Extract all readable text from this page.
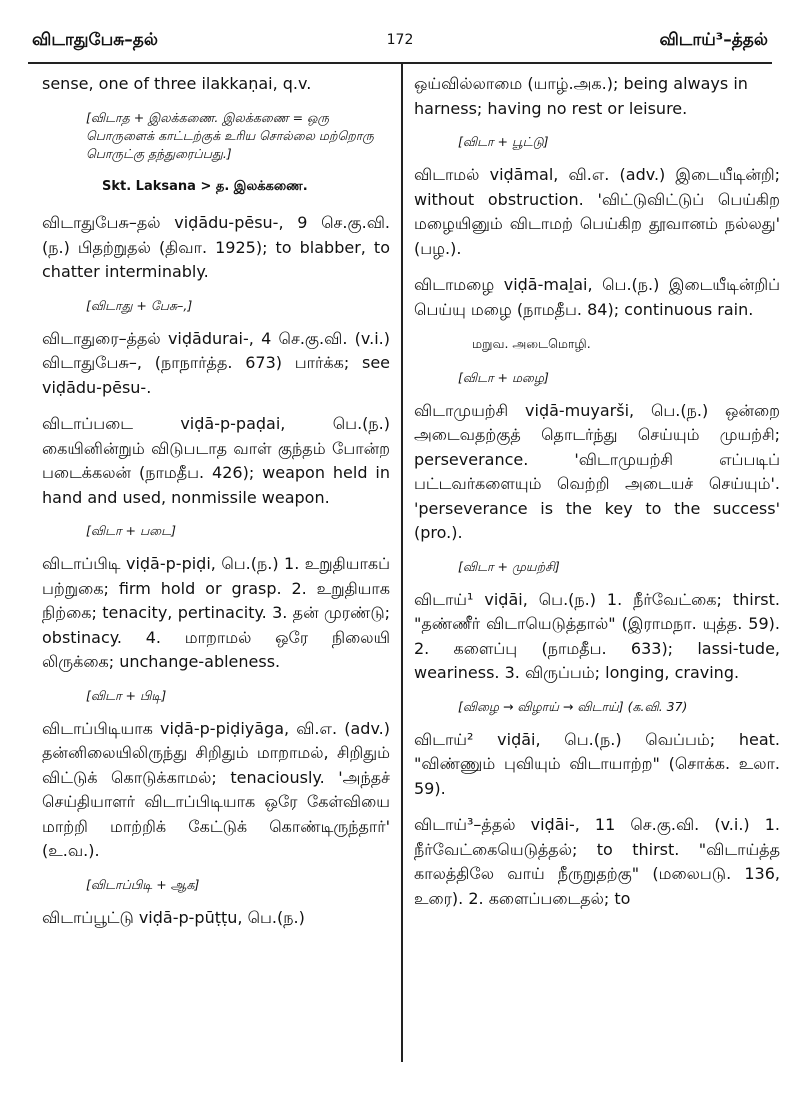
விடாதுபேசு–தல்	172	விடாய்³–த்தல்

sense, one of three ilakkaṇai, q.v.

[விடாத + இலக்கணை. இலக்கணை = ஒரு பொருளைக் காட்டற்குக் உரிய சொல்லை மற்றொரு பொருட்கு தந்துரைப்பது.]

Skt. Laksana > த. இலக்கணை.

விடாதுபேசு–தல் viḍādu-pēsu-, 9 செ.கு.வி. (ந.) பிதற்றுதல் (திவா. 1925); to blabber, to chatter interminably.

[விடாது + பேசு–,]

விடாதுரை–த்தல் viḍādurai-, 4 செ.கு.வி. (v.i.) விடாதுபேசு–, (நாநார்த்த. 673) பார்க்க; see viḍādu-pēsu-.

விடாப்படை viḍā-p-paḍai, பெ.(ந.) கையினின்றும் விடுபடாத வாள் குந்தம் போன்ற படைக்கலன் (நாமதீப. 426); weapon held in hand and used, nonmissile weapon.

[விடா + படை]

விடாப்பிடி viḍā-p-piḍi, பெ.(ந.) 1. உறுதியாகப் பற்றுகை; firm hold or grasp. 2. உறுதியாக நிற்கை; tenacity, pertinacity. 3. தன் முரண்டு; obstinacy. 4. மாறாமல் ஒரே நிலையி லிருக்கை; unchange-ableness.

[விடா + பிடி]

விடாப்பிடியாக viḍā-p-piḍiyāga, வி.எ. (adv.) தன்னிலையிலிருந்து சிறிதும் மாறாமல், சிறிதும் விட்டுக் கொடுக்காமல்; tenaciously. 'அந்தச் செய்தியாளர் விடாப்பிடியாக ஒரே கேள்வியை மாற்றி மாற்றிக் கேட்டுக் கொண்டிருந்தார்' (உ.வ.).

[விடாப்பிடி + ஆக]

விடாப்பூட்டு viḍā-p-pūṭṭu, பெ.(ந.)

ஒய்வில்லாமை (யாழ்.அக.); being always in harness; having no rest or leisure.

[விடா + பூட்டு]

விடாமல் viḍāmal, வி.எ. (adv.) இடையீடின்றி; without obstruction. 'விட்டுவிட்டுப் பெய்கிற மழையினும் விடாமற் பெய்கிற தூவானம் நல்லது' (பழ.).

விடாமழை viḍā-maḻai, பெ.(ந.) இடையீடின்றிப் பெய்யு மழை (நாமதீப. 84); continuous rain.

மறுவ. அடைமொழி.

[விடா + மழை]

விடாமுயற்சி viḍā-muyarši, பெ.(ந.) ஒன்றை அடைவதற்குத் தொடர்ந்து செய்யும் முயற்சி; perseverance. 'விடாமுயற்சி எப்படிப் பட்டவர்களையும் வெற்றி அடையச் செய்யும்'. 'perseverance is the key to the success' (pro.).

[விடா + முயற்சி]

விடாய்¹ viḍāi, பெ.(ந.) 1. நீர்வேட்கை; thirst. "தண்ணீர் விடாயெடுத்தால்" (இராமநா. யுத்த. 59). 2. களைப்பு (நாமதீப. 633); lassi-tude, weariness. 3. விருப்பம்; longing, craving.

[விழை → விழாய் → விடாய்] (க.வி. 37)

விடாய்² viḍāi, பெ.(ந.) வெப்பம்; heat. "விண்ணும் புவியும் விடாயாற்ற" (சொக்க. உலா. 59).

விடாய்³–த்தல் viḍāi-, 11 செ.கு.வி. (v.i.) 1. நீர்வேட்கையெடுத்தல்; to thirst. "விடாய்த்த காலத்திலே வாய் நீருறுதற்கு" (மலைபடு. 136, உரை). 2. களைப்படைதல்; to
